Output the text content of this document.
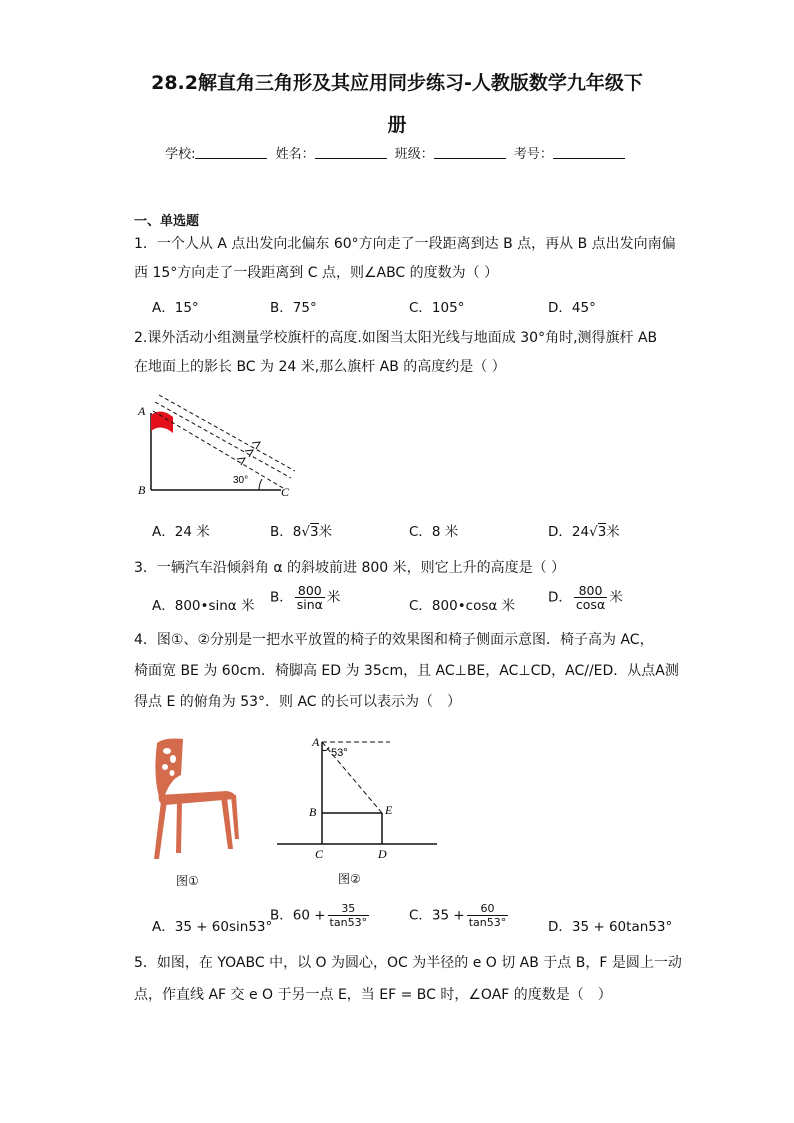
28.2解直角三角形及其应用同步练习-人教版数学九年级下
册
学校:	姓名：	班级：	考号：
一、单选题
1．一个人从 A 点出发向北偏东 60°方向走了一段距离到达 B 点，再从 B 点出发向南偏
西 15°方向走了一段距离到 C 点，则∠ABC 的度数为（ ）
A．15°	B．75°	C．105°	D．45°
2.课外活动小组测量学校旗杆的高度.如图当太阳光线与地面成 30°角时,测得旗杆 AB
在地面上的影长 BC 为 24 米,那么旗杆 AB 的高度约是（ ）
A
B	C
30°
A．24 米	B．8√3米	C．8 米	D．24√3米
3．一辆汽车沿倾斜角 α 的斜坡前进 800 米，则它上升的高度是（ ）
A．800•sinα 米
B． $\frac{800}{\sin\alpha}$ 米
C．800•cosα 米
D． $\frac{800}{\cos\alpha}$ 米
4．图①、②分别是一把水平放置的椅子的效果图和椅子侧面示意图．椅子高为 AC，
椅面宽 BE 为 60cm．椅脚高 ED 为 35cm，且 AC⊥BE，AC⊥CD，AC//ED．从点A测
得点 E 的俯角为 53°．则 AC 的长可以表示为（　）
图①
A
53°
B	E
C	D
图②
A．35 + 60sin53°
B．$60 + \frac{35}{\tan 53^\circ}$	C．$35 + \frac{60}{\tan 53^\circ}$	D．35 + 60tan53°
5．如图，在 YOABC 中，以 O 为圆心，OC 为半径的 e O 切 AB 于点 B，F 是圆上一动
点，作直线 AF 交 e O 于另一点 E，当 EF = BC 时，∠OAF 的度数是（　）
